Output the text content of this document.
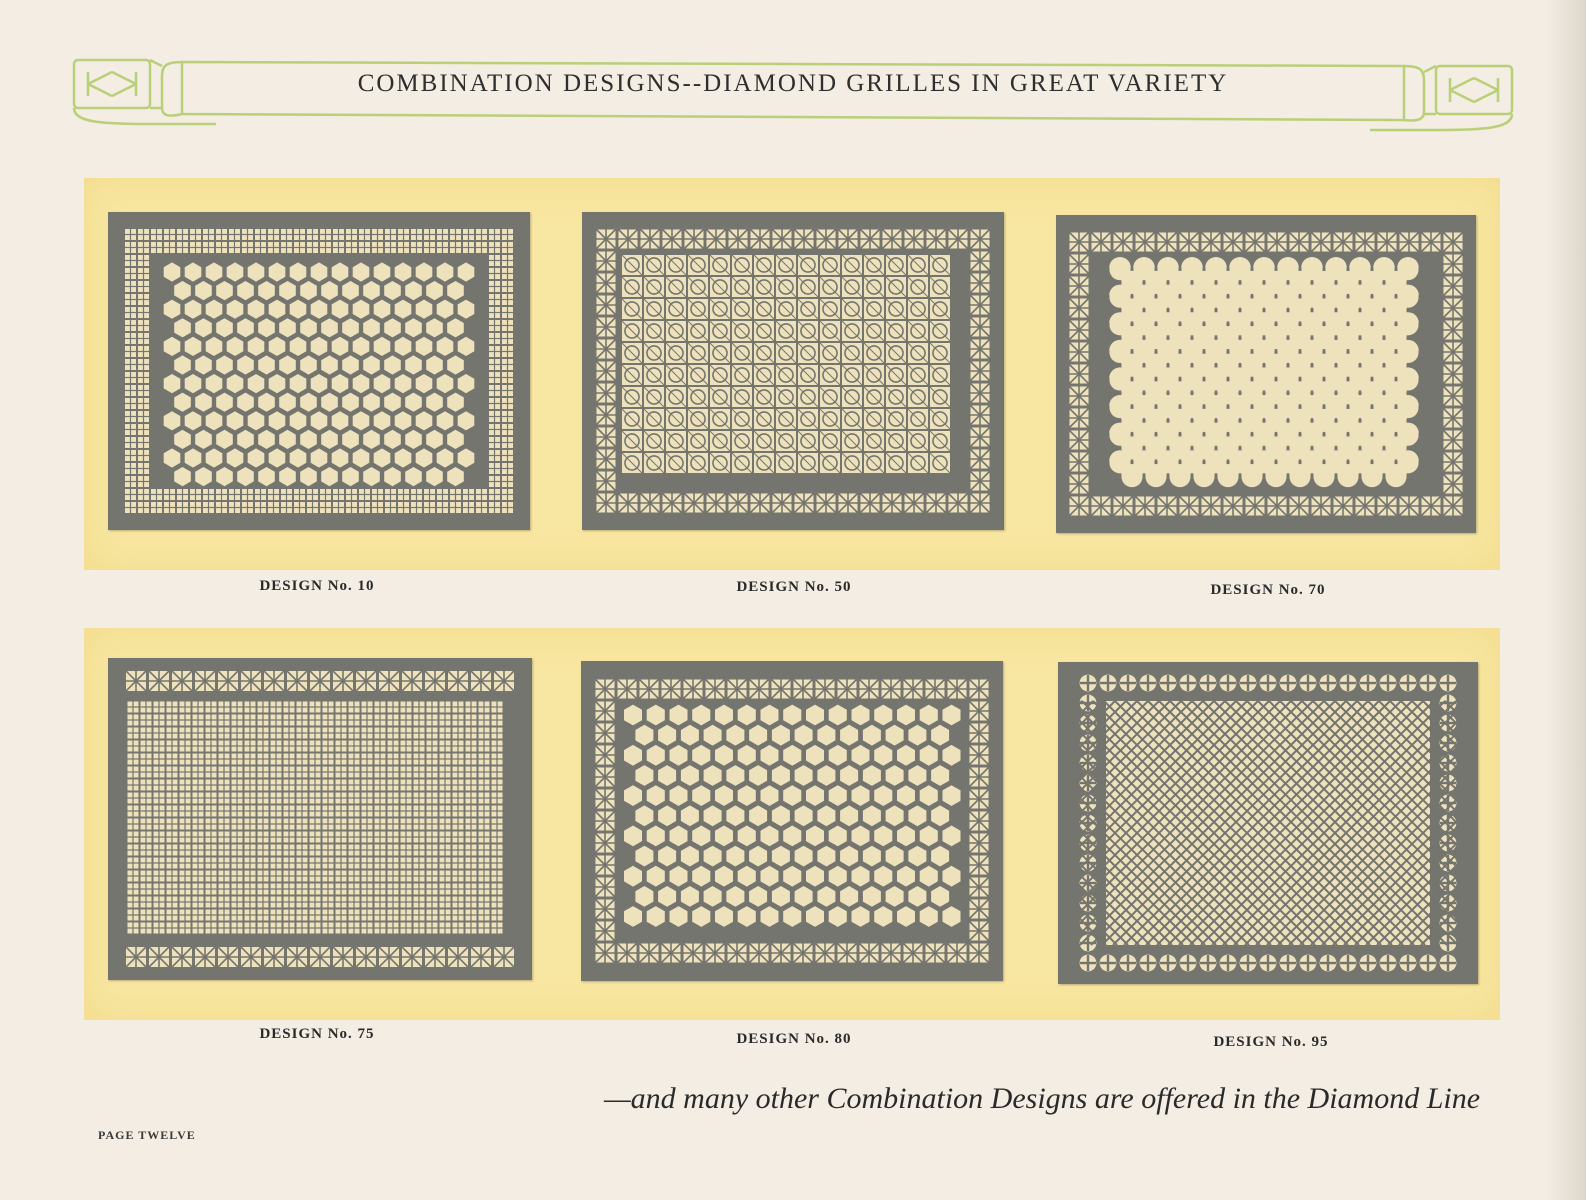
COMBINATION DESIGNS--DIAMOND GRILLES IN GREAT VARIETY
DESIGN No. 10	DESIGN No. 50	DESIGN No. 70
DESIGN No. 75	DESIGN No. 80	DESIGN No. 95
—and many other Combination Designs are offered in the Diamond Line
PAGE TWELVE
